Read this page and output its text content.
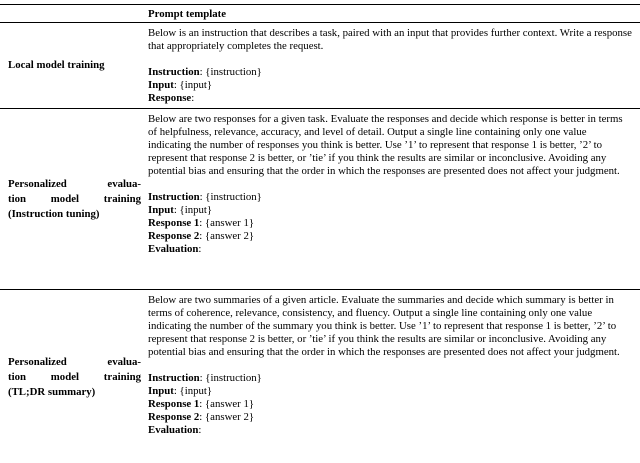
Prompt template
Local model training
Below is an instruction that describes a task, paired with an input that provides further context. Write a response that appropriately completes the request.
Instruction: {instruction}
Input: {input}
Response:
Personalized evalua-
tion model training
(Instruction tuning)
Below are two responses for a given task. Evaluate the responses and decide which response is better in terms of helpfulness, relevance, accuracy, and level of detail. Output a single line containing only one value indicating the number of responses you think is better. Use ’1’ to represent that response 1 is better, ’2’ to represent that response 2 is better, or ’tie’ if you think the results are similar or inconclusive. Avoiding any potential bias and ensuring that the order in which the responses are presented does not affect your judgment.
Instruction: {instruction}
Input: {input}
Response 1: {answer 1}
Response 2: {answer 2}
Evaluation:
Personalized evalua-
tion model training
(TL;DR summary)
Below are two summaries of a given article. Evaluate the summaries and decide which summary is better in terms of coherence, relevance, consistency, and fluency. Output a single line containing only one value indicating the number of the summary you think is better. Use ’1’ to represent that response 1 is better, ’2’ to represent that response 2 is better, or ’tie’ if you think the results are similar or inconclusive. Avoiding any potential bias and ensuring that the order in which the responses are presented does not affect your judgment.
Instruction: {instruction}
Input: {input}
Response 1: {answer 1}
Response 2: {answer 2}
Evaluation:
